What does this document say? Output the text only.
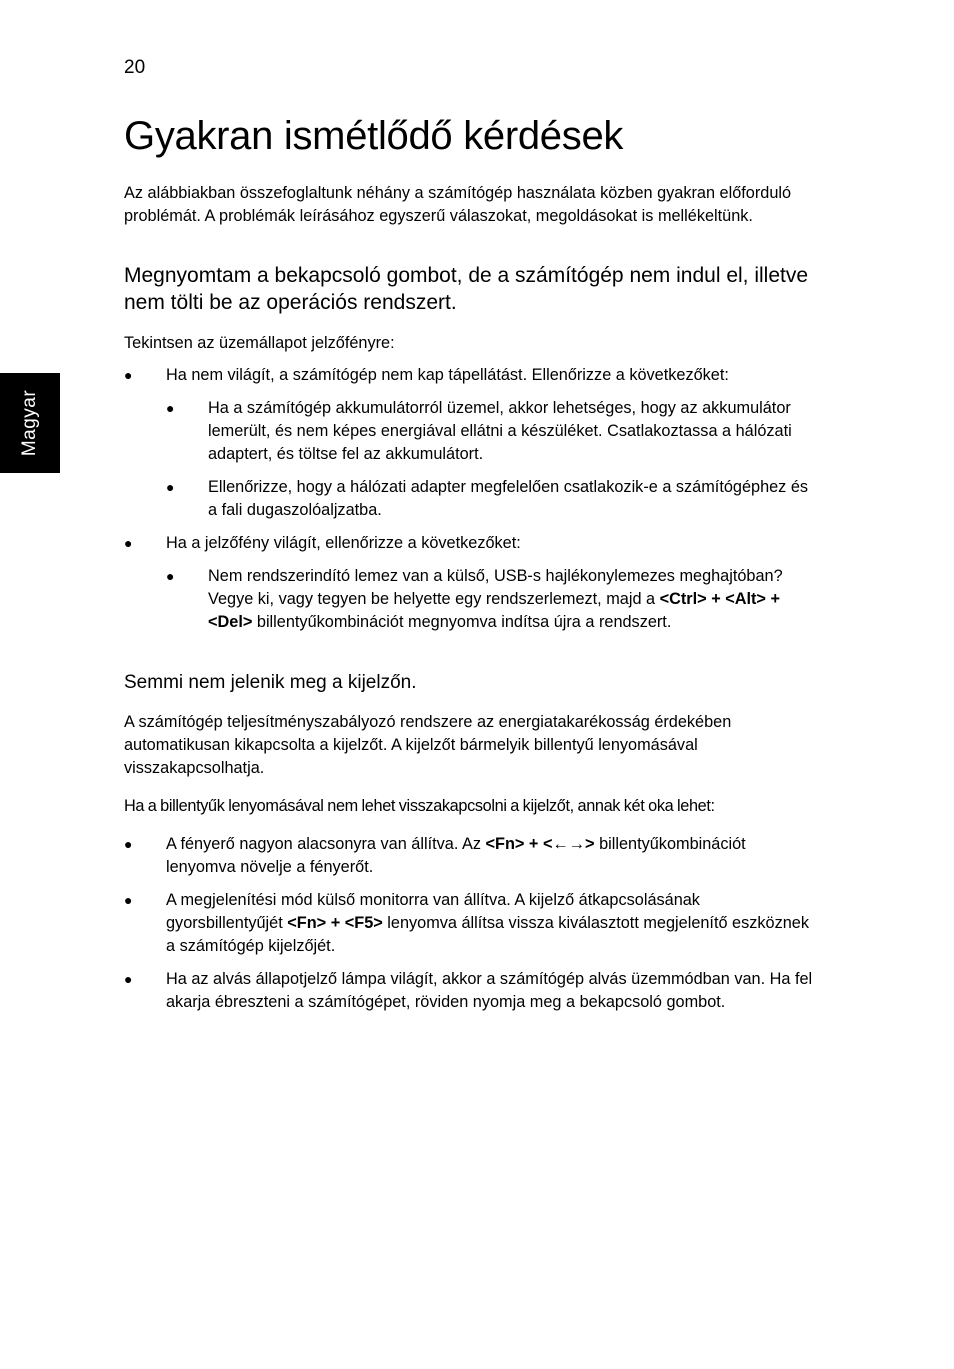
20
Magyar
Gyakran ismétlődő kérdések

Az alábbiakban összefoglaltunk néhány a számítógép használata közben gyakran előforduló problémát. A problémák leírásához egyszerű válaszokat, megoldásokat is mellékeltünk.

Megnyomtam a bekapcsoló gombot, de a számítógép nem indul el, illetve nem tölti be az operációs rendszert.

Tekintsen az üzemállapot jelzőfényre:

● Ha nem világít, a számítógép nem kap tápellátást. Ellenőrizze a következőket:
● Ha a számítógép akkumulátorról üzemel, akkor lehetséges, hogy az akkumulátor lemerült, és nem képes energiával ellátni a készüléket. Csatlakoztassa a hálózati adaptert, és töltse fel az akkumulátort.
● Ellenőrizze, hogy a hálózati adapter megfelelően csatlakozik-e a számítógéphez és a fali dugaszolóaljzatba.
● Ha a jelzőfény világít, ellenőrizze a következőket:
● Nem rendszerindító lemez van a külső, USB-s hajlékonylemezes meghajtóban? Vegye ki, vagy tegyen be helyette egy rendszerlemezt, majd a <Ctrl> + <Alt> + <Del> billentyűkombinációt megnyomva indítsa újra a rendszert.
Semmi nem jelenik meg a kijelzőn.

A számítógép teljesítményszabályozó rendszere az energiatakarékosság érdekében automatikusan kikapcsolta a kijelzőt. A kijelzőt bármelyik billentyű lenyomásával visszakapcsolhatja.

Ha a billentyűk lenyomásával nem lehet visszakapcsolni a kijelzőt, annak két oka lehet:

● A fényerő nagyon alacsonyra van állítva. Az <Fn> + <←→> billentyűkombinációt lenyomva növelje a fényerőt.
● A megjelenítési mód külső monitorra van állítva. A kijelző átkapcsolásának gyorsbillentyűjét <Fn> + <F5> lenyomva állítsa vissza kiválasztott megjelenítő eszköznek a számítógép kijelzőjét.
● Ha az alvás állapotjelző lámpa világít, akkor a számítógép alvás üzemmódban van. Ha fel akarja ébreszteni a számítógépet, röviden nyomja meg a bekapcsoló gombot.
